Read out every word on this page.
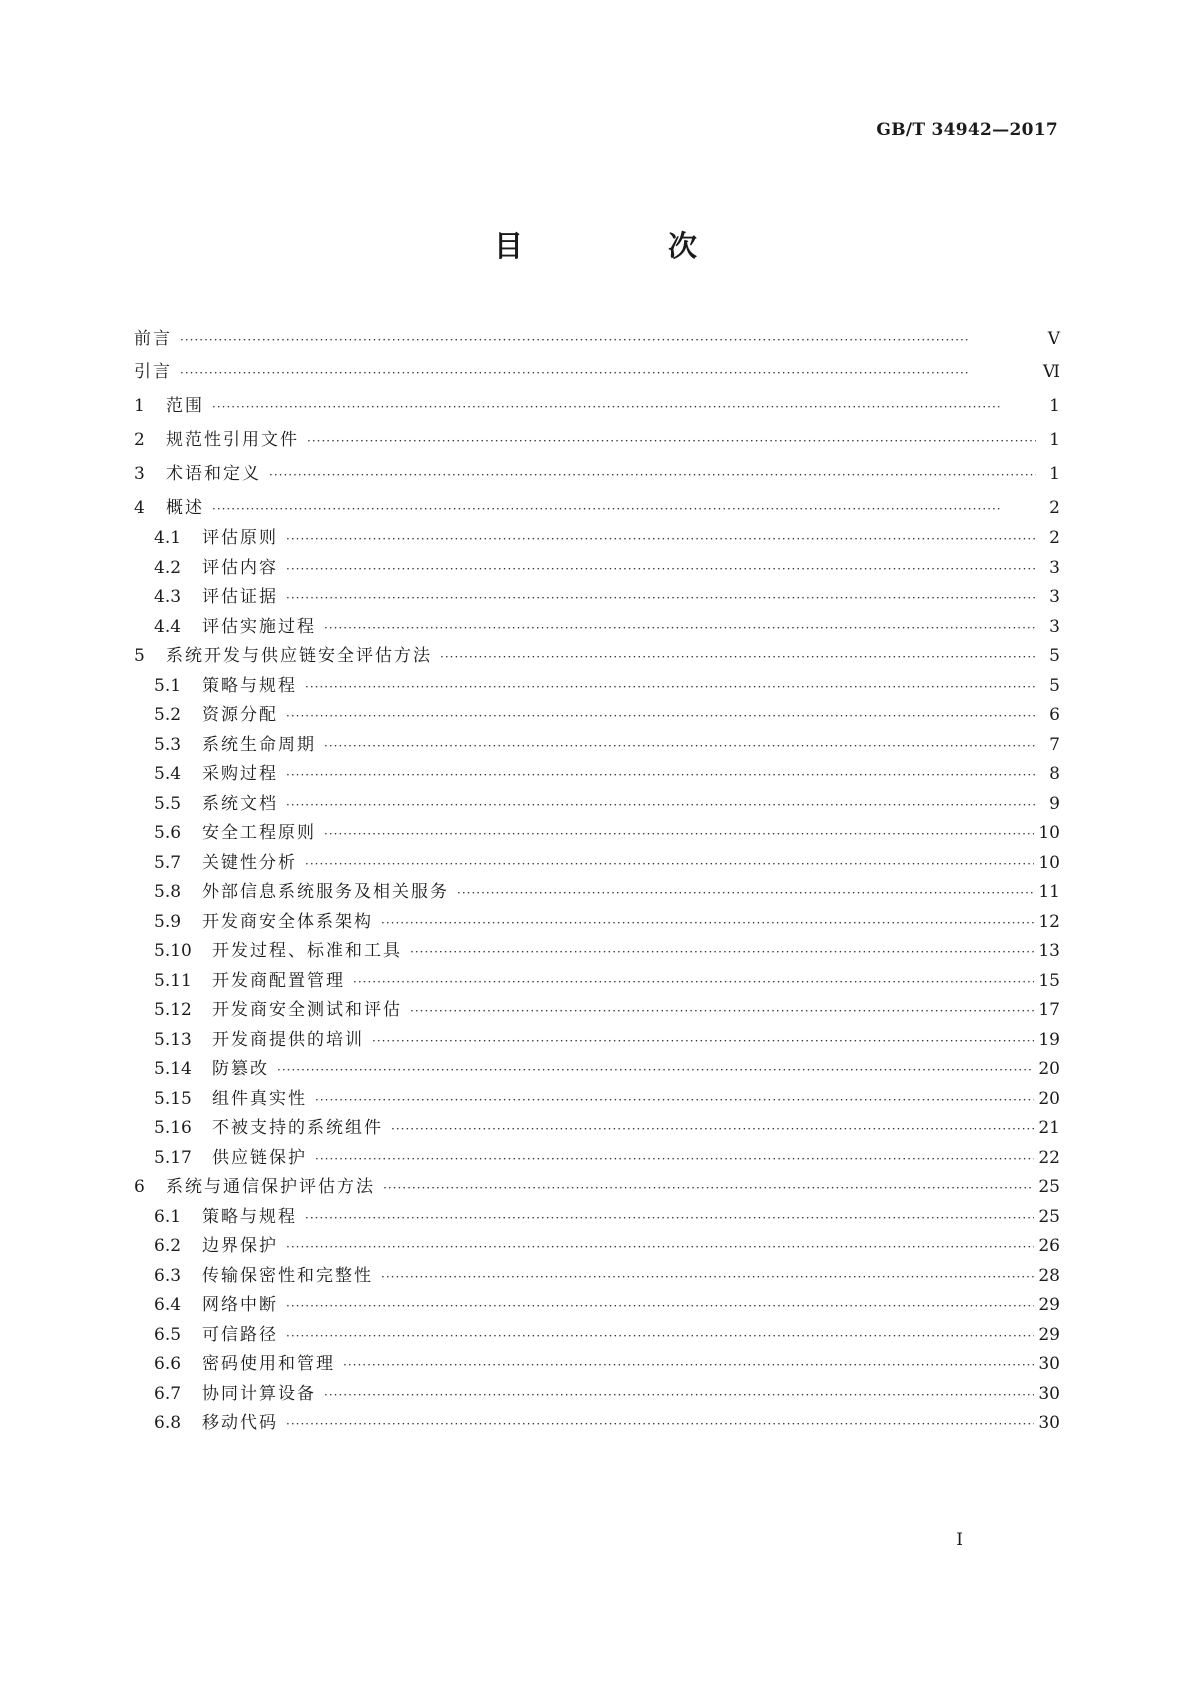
GB/T 34942—2017
目　次
前言 ·····	Ⅴ
引言 ·····	Ⅵ
1	范围 ·····	1
2	规范性引用文件 ·····	1
3	术语和定义 ·····	1
4	概述 ·····	2
4.1	评估原则 ·····	2
4.2	评估内容 ·····	3
4.3	评估证据 ·····	3
4.4	评估实施过程 ·····	3
5	系统开发与供应链安全评估方法 ·····	5
5.1	策略与规程 ·····	5
5.2	资源分配 ·····	6
5.3	系统生命周期 ·····	7
5.4	采购过程 ·····	8
5.5	系统文档 ·····	9
5.6	安全工程原则 ·····	10
5.7	关键性分析 ·····	10
5.8	外部信息系统服务及相关服务 ·····	11
5.9	开发商安全体系架构 ·····	12
5.10	开发过程、标准和工具 ·····	13
5.11	开发商配置管理 ·····	15
5.12	开发商安全测试和评估 ·····	17
5.13	开发商提供的培训 ·····	19
5.14	防篡改 ·····	20
5.15	组件真实性 ·····	20
5.16	不被支持的系统组件 ·····	21
5.17	供应链保护 ·····	22
6	系统与通信保护评估方法 ·····	25
6.1	策略与规程 ·····	25
6.2	边界保护 ·····	26
6.3	传输保密性和完整性 ·····	28
6.4	网络中断 ·····	29
6.5	可信路径 ·····	29
6.6	密码使用和管理 ·····	30
6.7	协同计算设备 ·····	30
6.8	移动代码 ·····	30
I
